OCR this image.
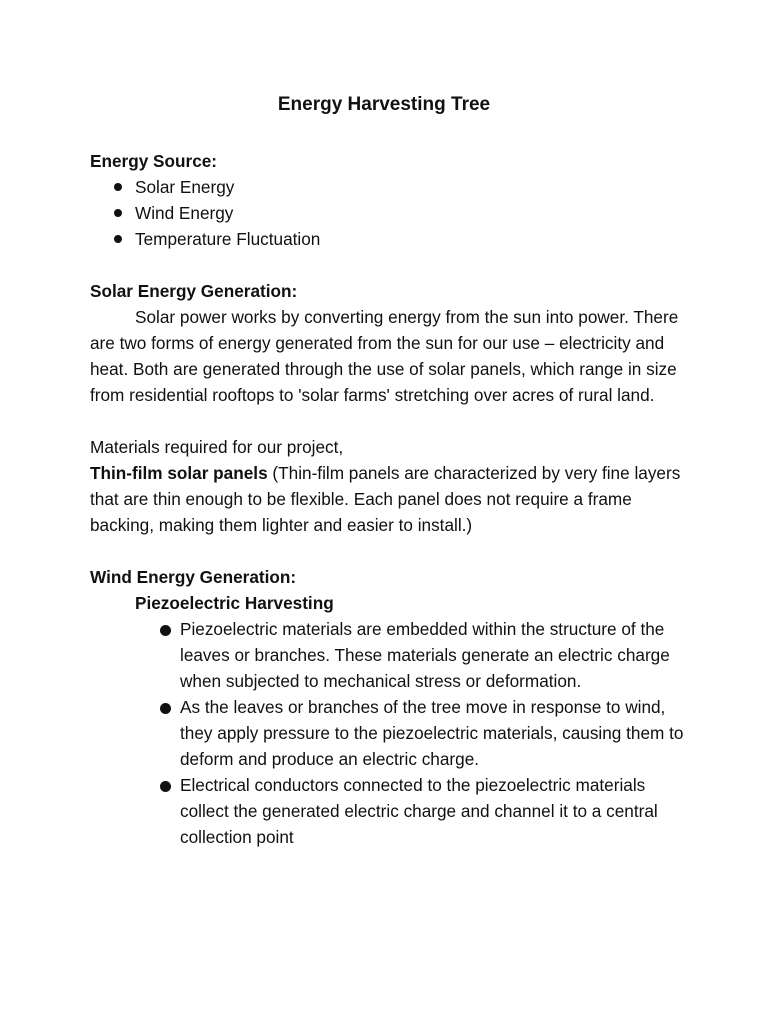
Energy Harvesting Tree

Energy Source:

Solar Energy
Wind Energy
Temperature Fluctuation

Solar Energy Generation:

Solar power works by converting energy from the sun into power. There are two forms of energy generated from the sun for our use – electricity and heat. Both are generated through the use of solar panels, which range in size from residential rooftops to 'solar farms' stretching over acres of rural land.

Materials required for our project,

Thin-film solar panels (Thin-film panels are characterized by very fine layers that are thin enough to be flexible. Each panel does not require a frame backing, making them lighter and easier to install.)

Wind Energy Generation:

Piezoelectric Harvesting

Piezoelectric materials are embedded within the structure of the leaves or branches. These materials generate an electric charge when subjected to mechanical stress or deformation.
As the leaves or branches of the tree move in response to wind, they apply pressure to the piezoelectric materials, causing them to deform and produce an electric charge.
Electrical conductors connected to the piezoelectric materials collect the generated electric charge and channel it to a central collection point
